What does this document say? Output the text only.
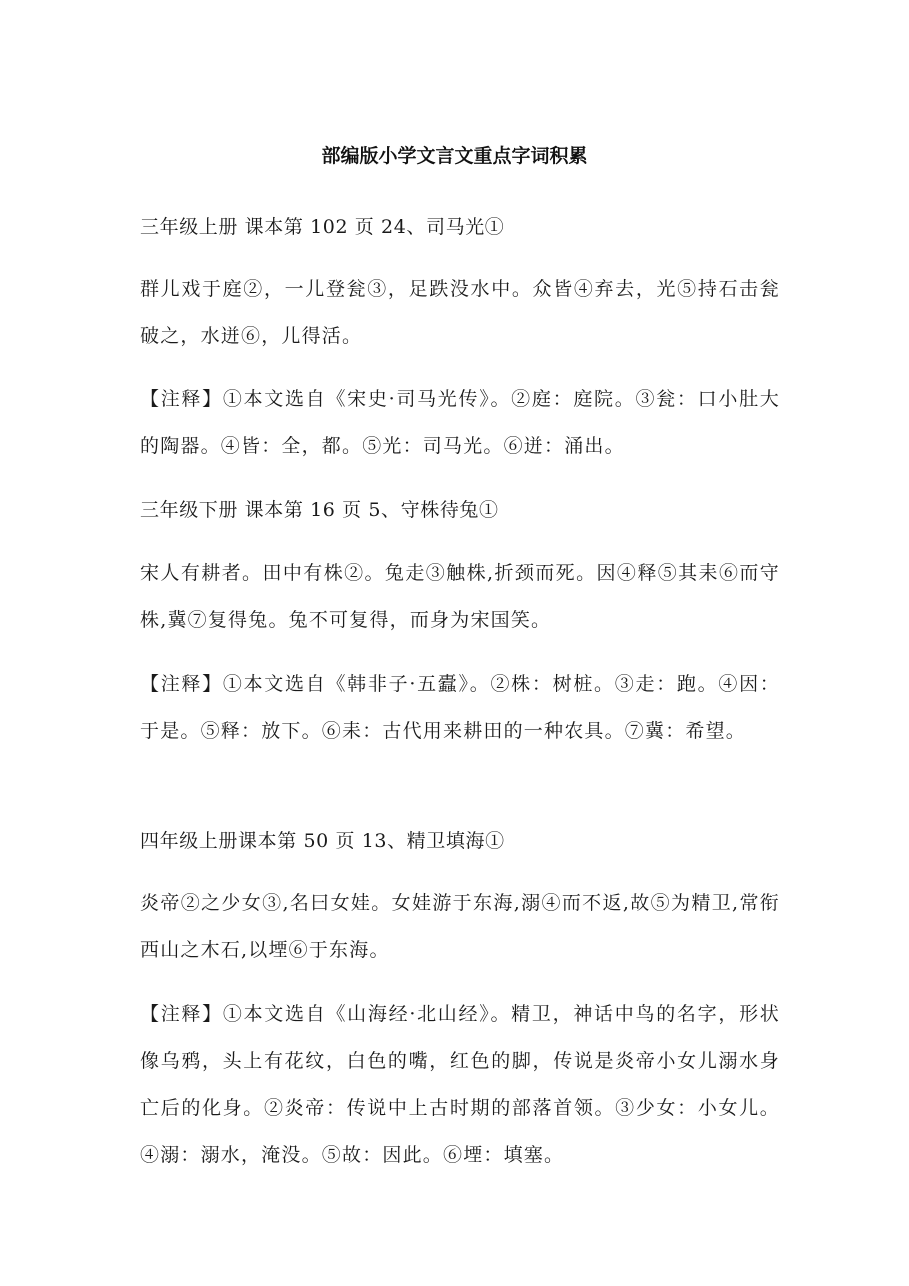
部编版小学文言文重点字词积累

三年级上册 课本第 102 页 24、司马光①

群儿戏于庭②，一儿登瓮③，足跌没水中。众皆④弃去，光⑤持石击瓮破之，水迸⑥，儿得活。

【注释】①本文选自《宋史·司马光传》。②庭：庭院。③瓮：口小肚大的陶器。④皆：全，都。⑤光：司马光。⑥迸：涌出。

三年级下册 课本第 16 页 5、守株待兔①

宋人有耕者。田中有株②。兔走③触株,折颈而死。因④释⑤其耒⑥而守株,冀⑦复得兔。兔不可复得，而身为宋国笑。

【注释】①本文选自《韩非子·五蠹》。②株：树桩。③走：跑。④因：于是。⑤释：放下。⑥耒：古代用来耕田的一种农具。⑦冀：希望。

四年级上册课本第 50 页 13、精卫填海①

炎帝②之少女③,名曰女娃。女娃游于东海,溺④而不返,故⑤为精卫,常衔西山之木石,以堙⑥于东海。

【注释】①本文选自《山海经·北山经》。精卫，神话中鸟的名字，形状像乌鸦，头上有花纹，白色的嘴，红色的脚，传说是炎帝小女儿溺水身亡后的化身。②炎帝：传说中上古时期的部落首领。③少女：小女儿。④溺：溺水，淹没。⑤故：因此。⑥堙：填塞。
